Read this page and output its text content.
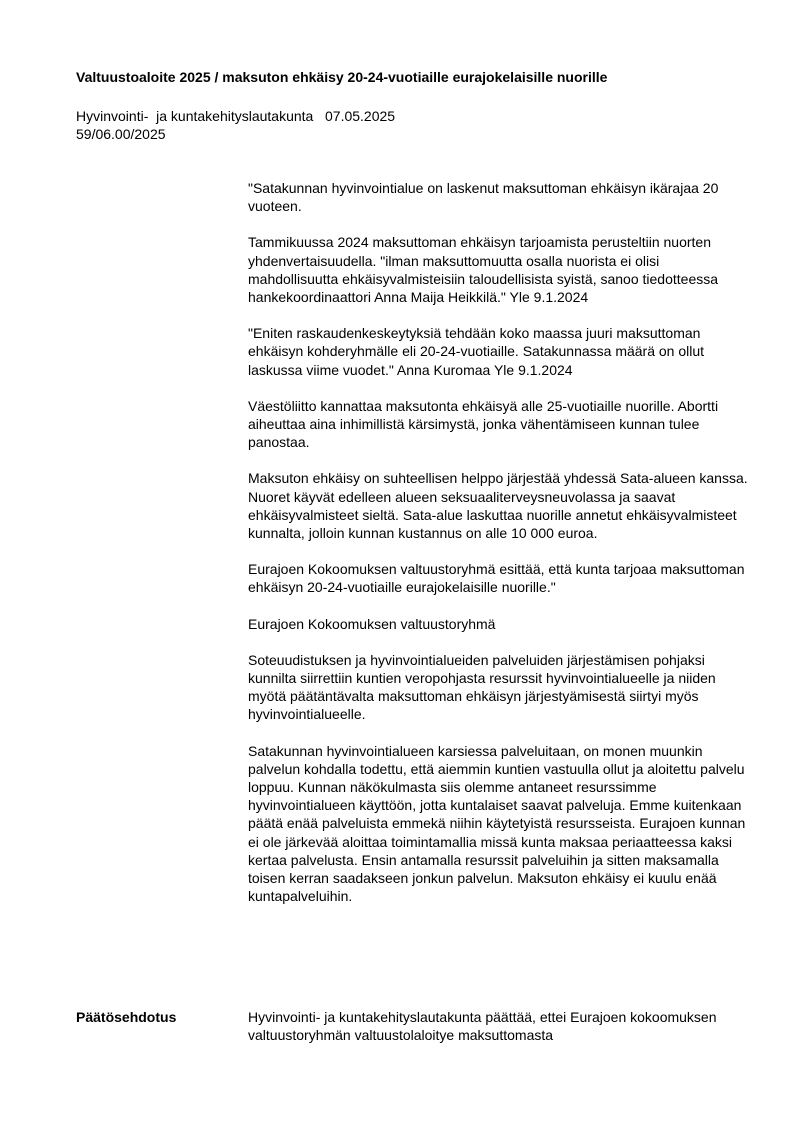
Valtuustoaloite 2025 / maksuton ehkäisy 20-24-vuotiaille eurajokelaisille nuorille
Hyvinvointi-  ja kuntakehityslautakunta   07.05.2025
59/06.00/2025

"Satakunnan hyvinvointialue on laskenut maksuttoman ehkäisyn ikärajaa 20 vuoteen.

Tammikuussa 2024 maksuttoman ehkäisyn tarjoamista perusteltiin nuorten yhdenvertaisuudella. "ilman maksuttomuutta osalla nuorista ei olisi mahdollisuutta ehkäisyvalmisteisiin taloudellisista syistä, sanoo tiedotteessa hankekoordinaattori Anna Maija Heikkilä." Yle 9.1.2024

"Eniten raskaudenkeskeytyksiä tehdään koko maassa juuri maksuttoman ehkäisyn kohderyhmälle eli 20-24-vuotiaille. Satakunnassa määrä on ollut laskussa viime vuodet." Anna Kuromaa Yle 9.1.2024

Väestöliitto kannattaa maksutonta ehkäisyä alle 25-vuotiaille nuorille. Abortti aiheuttaa aina inhimillistä kärsimystä, jonka vähentämiseen kunnan tulee panostaa.

Maksuton ehkäisy on suhteellisen helppo järjestää yhdessä Sata-alueen kanssa. Nuoret käyvät edelleen alueen seksuaaliterveysneuvolassa ja saavat ehkäisyvalmisteet sieltä. Sata-alue laskuttaa nuorille annetut ehkäisyvalmisteet kunnalta, jolloin kunnan kustannus on alle 10 000 euroa.

Eurajoen Kokoomuksen valtuustoryhmä esittää, että kunta tarjoaa maksuttoman ehkäisyn 20-24-vuotiaille eurajokelaisille nuorille."

Eurajoen Kokoomuksen valtuustoryhmä

Soteuudistuksen ja hyvinvointialueiden palveluiden järjestämisen pohjaksi kunnilta siirrettiin kuntien veropohjasta resurssit hyvinvointialueelle ja niiden myötä päätäntävalta maksuttoman ehkäisyn järjestyämisestä siirtyi myös hyvinvointialueelle.

Satakunnan hyvinvointialueen karsiessa palveluitaan, on monen muunkin palvelun kohdalla todettu, että aiemmin kuntien vastuulla ollut ja aloitettu palvelu loppuu. Kunnan näkökulmasta siis olemme antaneet resurssimme hyvinvointialueen käyttöön, jotta kuntalaiset saavat palveluja. Emme kuitenkaan päätä enää palveluista emmekä niihin käytetyistä resursseista. Eurajoen kunnan ei ole järkevää aloittaa toimintamallia missä kunta maksaa periaatteessa kaksi kertaa palvelusta. Ensin antamalla resurssit palveluihin ja sitten maksamalla toisen kerran saadakseen jonkun palvelun. Maksuton ehkäisy ei kuulu enää kuntapalveluihin.

Päätösehdotus	Hyvinvointi- ja kuntakehityslautakunta päättää, ettei Eurajoen kokoomuksen valtuustoryhmän valtuustolaloitye maksuttomasta
